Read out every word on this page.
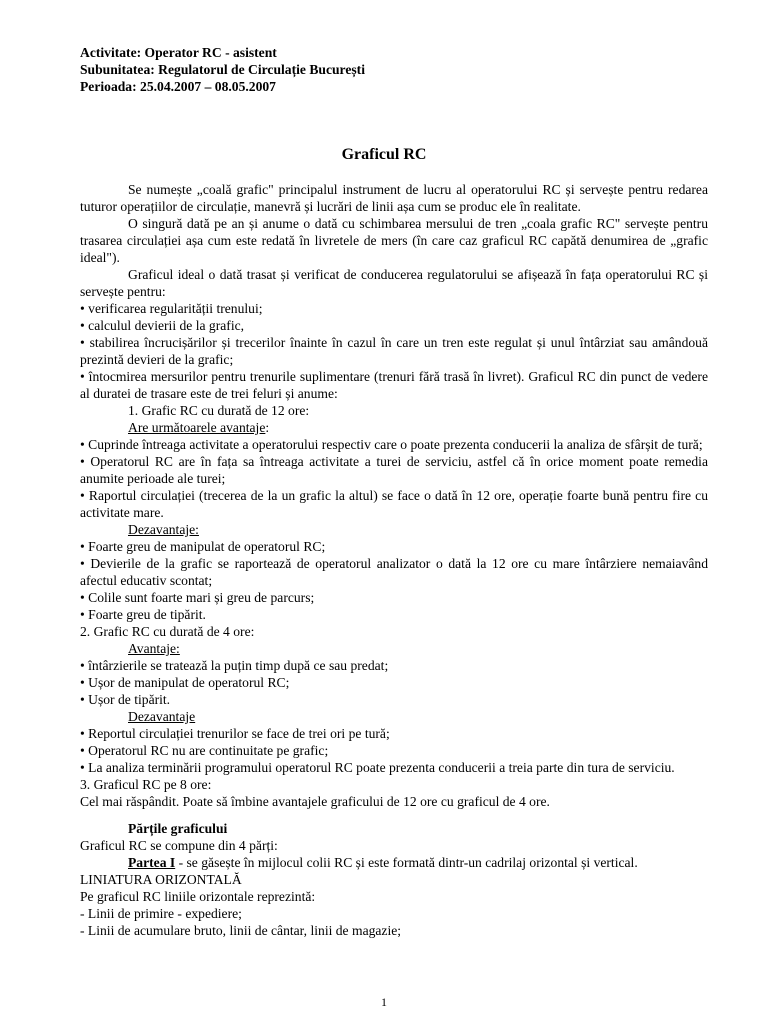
Activitate: Operator RC - asistent
Subunitatea: Regulatorul de Circulație București
Perioada: 25.04.2007 – 08.05.2007
Graficul RC

Se numește „coală grafic" principalul instrument de lucru al operatorului RC și servește pentru redarea tuturor operațiilor de circulație, manevră și lucrări de linii așa cum se produc ele în realitate.

O singură dată pe an și anume o dată cu schimbarea mersului de tren „coala grafic RC" servește pentru trasarea circulației așa cum este redată în livretele de mers (în care caz graficul RC capătă denumirea de „grafic ideal").

Graficul ideal o dată trasat și verificat de conducerea regulatorului se afișează în fața operatorului RC și servește pentru:

• verificarea regularității trenului;

• calculul devierii de la grafic,

• stabilirea încrucișărilor și trecerilor înainte în cazul în care un tren este regulat și unul întârziat sau amândouă prezintă devieri de la grafic;

• întocmirea mersurilor pentru trenurile suplimentare (trenuri fără trasă în livret). Graficul RC din punct de vedere al duratei de trasare este de trei feluri și anume:

1. Grafic RC cu durată de 12 ore:

Are următoarele avantaje:

• Cuprinde întreaga activitate a operatorului respectiv care o poate prezenta conducerii la analiza de sfârșit de tură;

• Operatorul RC are în fața sa întreaga activitate a turei de serviciu, astfel că în orice moment poate remedia anumite perioade ale turei;

• Raportul circulației (trecerea de la un grafic la altul) se face o dată în 12 ore, operație foarte bună pentru fire cu activitate mare.

Dezavantaje:

• Foarte greu de manipulat de operatorul RC;

• Devierile de la grafic se raportează de operatorul analizator o dată la 12 ore cu mare întârziere nemaiavând afectul educativ scontat;

• Colile sunt foarte mari și greu de parcurs;

• Foarte greu de tipărit.

2. Grafic RC cu durată de 4 ore:

Avantaje:

• întârzierile se tratează la puțin timp după ce sau predat;

• Ușor de manipulat de operatorul RC;

• Ușor de tipărit.

Dezavantaje

• Reportul circulației trenurilor se face de trei ori pe tură;

• Operatorul RC nu are continuitate pe grafic;

• La analiza terminării programului operatorul RC poate prezenta conducerii a treia parte din tura de serviciu.

3. Graficul RC pe 8 ore:

Cel mai răspândit. Poate să îmbine avantajele graficului de 12 ore cu graficul de 4 ore.

Părțile graficului

Graficul RC se compune din 4 părți:

Partea I - se găsește în mijlocul colii RC și este formată dintr-un cadrilaj orizontal și vertical.

LINIATURA ORIZONTALĂ

Pe graficul RC liniile orizontale reprezintă:

- Linii de primire - expediere;

- Linii de acumulare bruto, linii de cântar, linii de magazie;

1
